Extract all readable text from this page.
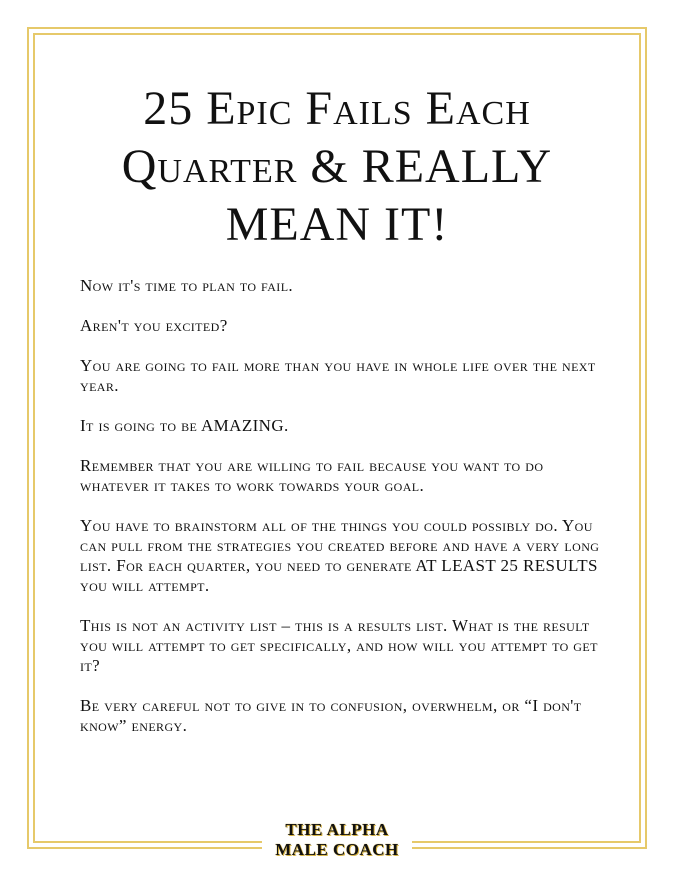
25 Epic Fails Each
Quarter & REALLY
MEAN IT!

Now it's time to plan to fail.

Aren't you excited?

You are going to fail more than you have in whole life over the next year.

It is going to be AMAZING.

Remember that you are willing to fail because you want to do whatever it takes to work towards your goal.

You have to brainstorm all of the things you could possibly do. You can pull from the strategies you created before and have a very long list. For each quarter, you need to generate AT LEAST 25 RESULTS you will attempt.

This is not an activity list – this is a results list. What is the result you will attempt to get specifically, and how will you attempt to get it?

Be very careful not to give in to confusion, overwhelm, or “I don't know” energy.

THE ALPHA
MALE COACH
